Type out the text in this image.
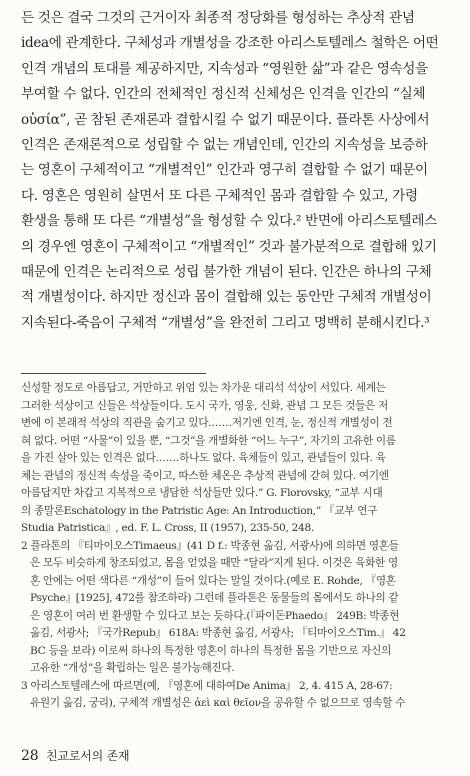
든 것은 결국 그것의 근거이자 최종적 정당화를 형성하는 추상적 관념
idea에 관계한다. 구체성과 개별성을 강조한 아리스토텔레스 철학은 어떤
인격 개념의 토대를 제공하지만, 지속성과 “영원한 삶”과 같은 영속성을
부여할 수 없다. 인간의 전체적인 정신적 신체성은 인격을 인간의 “실체
οὐσία”, 곧 참된 존재론과 결합시킬 수 없기 때문이다. 플라톤 사상에서
인격은 존재론적으로 성립할 수 없는 개념인데, 인간의 지속성을 보증하
는 영혼이 구체적이고 “개별적인” 인간과 영구히 결합할 수 없기 때문이
다. 영혼은 영원히 살면서 또 다른 구체적인 몸과 결합할 수 있고, 가령
환생을 통해 또 다른 “개별성”을 형성할 수 있다.² 반면에 아리스토텔레스
의 경우엔 영혼이 구체적이고 “개별적인” 것과 불가분적으로 결합해 있기
때문에 인격은 논리적으로 성립 불가한 개념이 된다. 인간은 하나의 구체
적 개별성이다. 하지만 정신과 몸이 결합해 있는 동안만 구체적 개별성이
지속된다-죽음이 구체적 “개별성”을 완전히 그리고 명백히 분해시킨다.³
신성할 정도로 아름답고, 거만하고 위엄 있는 차가운 대리석 석상이 서있다. 세계는
그러한 석상이고 신들은 석상들이다. 도시 국가, 영웅, 신화, 관념 그 모든 것들은 저
변에 이 본래적 석상의 직관을 숨기고 있다.……저기엔 인격, 눈, 정신적 개별성이 전
혀 없다. 어떤 “사물”이 있을 뿐, “그것”을 개별화한 “어느 누구”, 자기의 고유한 이름
을 가진 살아 있는 인격은 없다.……하나도 없다. 육체들이 있고, 관념들이 있다. 육
체는 관념의 정신적 속성을 죽이고, 따스한 체온은 추상적 관념에 갇혀 있다. 여기엔
아름답지만 차갑고 지복적으로 냉담한 석상들만 있다.” G. Florovsky, “교부 시대
의 종말론Eschatology in the Patristic Age: An Introduction,” 『교부 연구
Studia Patristica』, ed. F. L. Cross, II (1957), 235-50, 248.
2 플라톤의 『티마이오스Timaeus』(41 D f.: 박종현 옮김, 서광사)에 의하면 영혼들
은 모두 비슷하게 창조되었고, 몸을 얻었을 때만 “달라”지게 된다. 이것은 육화한 영
혼 안에는 어떤 색다른 “개성”이 들어 있다는 말일 것이다.(예로 E. Rohde, 『영혼
Psyche』[1925], 472를 참조하라) 그런데 플라톤은 동물들의 몸에서도 하나의 같
은 영혼이 여러 번 환생할 수 있다고 보는 듯하다.(『파이돈Phaedo』 249B: 박종현
옮김, 서광사; 『국가Repub』 618A: 박종현 옮김, 서광사; 『티마이오스Tim.』 42
BC 등을 보라) 이로써 하나의 특정한 영혼이 하나의 특정한 몸을 기반으로 자신의
고유한 “개성”을 확립하는 일은 불가능해진다.
3 아리스토텔레스에 따르면(예, 『영혼에 대하여De Anima』 2, 4. 415 A, 28-67:
유원기 옮김, 궁리), 구체적 개별성은 ἀεὶ καὶ θεῖον을 공유할 수 없으므로 영속할 수
28 친교로서의 존재
